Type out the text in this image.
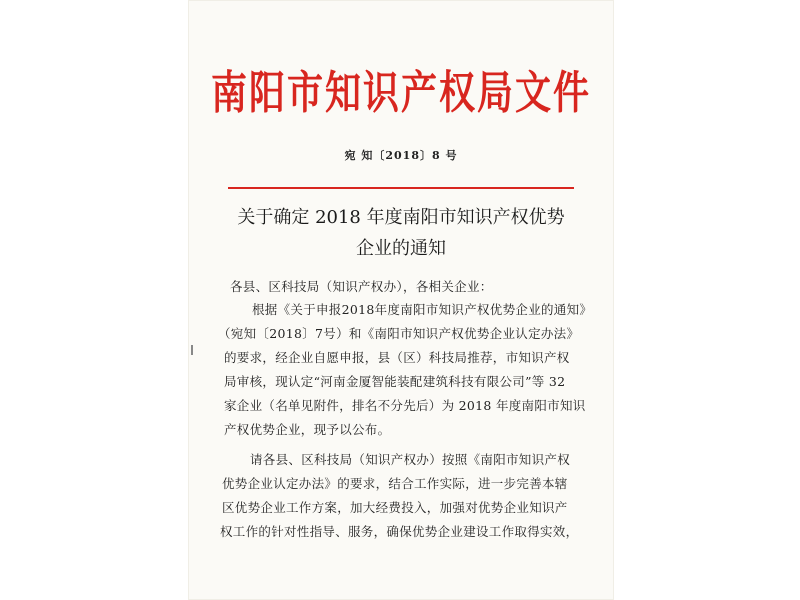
南阳市知识产权局文件
宛 知〔2018〕8 号
关于确定 2018 年度南阳市知识产权优势
企业的通知
各县、区科技局（知识产权办），各相关企业：
根据《关于申报2018年度南阳市知识产权优势企业的通知》
（宛知〔2018〕7号）和《南阳市知识产权优势企业认定办法》
的要求，经企业自愿申报，县（区）科技局推荐，市知识产权
局审核，现认定“河南金厦智能装配建筑科技有限公司”等 32
家企业（名单见附件，排名不分先后）为 2018 年度南阳市知识
产权优势企业，现予以公布。
请各县、区科技局（知识产权办）按照《南阳市知识产权
优势企业认定办法》的要求，结合工作实际，进一步完善本辖
区优势企业工作方案，加大经费投入，加强对优势企业知识产
权工作的针对性指导、服务，确保优势企业建设工作取得实效，
